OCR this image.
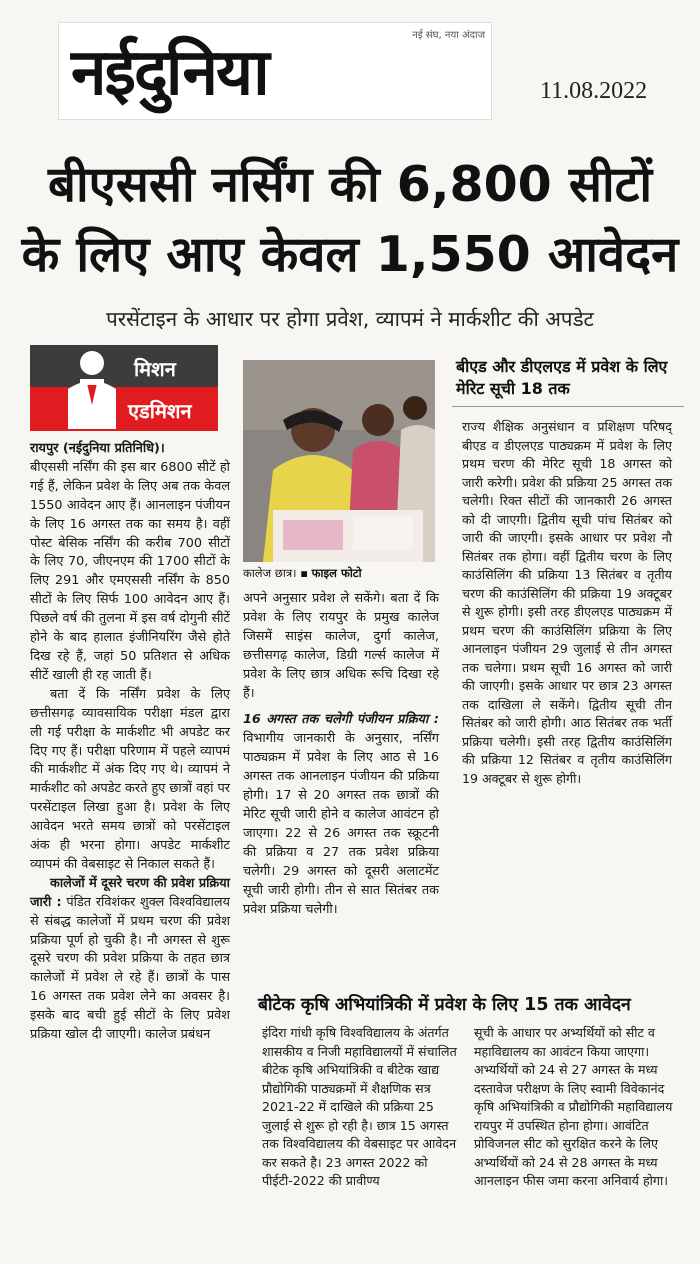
नई संघ, नया अंदाज
नईदुनिया	11.08.2022
बीएससी नर्सिंग की 6,800 सीटों
के लिए आए केवल 1,550 आवेदन
परसेंटाइन के आधार पर होगा प्रवेश, व्यापमं ने मार्कशीट की अपडेट
मिशन
एडमिशन

रायपुर (नईदुनिया प्रतिनिधि)।

बीएससी नर्सिंग की इस बार 6800 सीटें हो गई हैं, लेकिन प्रवेश के लिए अब तक केवल 1550 आवेदन आए हैं। आनलाइन पंजीयन के लिए 16 अगस्त तक का समय है। वहीं पोस्ट बेसिक नर्सिंग की करीब 700 सीटों के लिए 70, जीएनएम की 1700 सीटों के लिए 291 और एमएससी नर्सिंग के 850 सीटों के लिए सिर्फ 100 आवेदन आए हैं। पिछले वर्ष की तुलना में इस वर्ष दोगुनी सीटें होने के बाद हालात इंजीनियरिंग जैसे होते दिख रहे हैं, जहां 50 प्रतिशत से अधिक सीटें खाली ही रह जाती हैं।

बता दें कि नर्सिंग प्रवेश के लिए छत्तीसगढ़ व्यावसायिक परीक्षा मंडल द्वारा ली गई परीक्षा के मार्कशीट भी अपडेट कर दिए गए हैं। परीक्षा परिणाम में पहले व्यापमं की मार्कशीट में अंक दिए गए थे। व्यापमं ने मार्कशीट को अपडेट करते हुए छात्रों वहां पर परसेंटाइल लिखा हुआ है। प्रवेश के लिए आवेदन भरते समय छात्रों को परसेंटाइल अंक ही भरना होगा। अपडेट मार्कशीट व्यापमं की वेबसाइट से निकाल सकते हैं।

कालेजों में दूसरे चरण की प्रवेश प्रक्रिया जारी : पंडित रविशंकर शुक्ल विश्वविद्यालय से संबद्ध कालेजों में प्रथम चरण की प्रवेश प्रक्रिया पूर्ण हो चुकी है। नौ अगस्त से शुरू दूसरे चरण की प्रवेश प्रक्रिया के तहत छात्र कालेजों में प्रवेश ले रहे हैं। छात्रों के पास 16 अगस्त तक प्रवेश लेने का अवसर है। इसके बाद बची हुई सीटों के लिए प्रवेश प्रक्रिया खोल दी जाएगी। कालेज प्रबंधन

कालेज छात्र। ▪ फाइल फोटो

अपने अनुसार प्रवेश ले सकेंगे। बता दें कि प्रवेश के लिए रायपुर के प्रमुख कालेज जिसमें साइंस कालेज, दुर्गा कालेज, छत्तीसगढ़ कालेज, डिग्री गर्ल्स कालेज में प्रवेश के लिए छात्र अधिक रूचि दिखा रहे हैं।

16 अगस्त तक चलेगी पंजीयन प्रक्रिया : विभागीय जानकारी के अनुसार, नर्सिंग पाठ्यक्रम में प्रवेश के लिए आठ से 16 अगस्त तक आनलाइन पंजीयन की प्रक्रिया होगी। 17 से 20 अगस्त तक छात्रों की मेरिट सूची जारी होने व कालेज आवंटन हो जाएगा। 22 से 26 अगस्त तक स्क्रूटनी की प्रक्रिया व 27 तक प्रवेश प्रक्रिया चलेगी। 29 अगस्त को दूसरी अलाटमेंट सूची जारी होगी। तीन से सात सितंबर तक प्रवेश प्रक्रिया चलेगी।

बीएड और डीएलएड में प्रवेश के लिए मेरिट सूची 18 तक
राज्य शैक्षिक अनुसंधान व प्रशिक्षण परिषद् बीएड व डीएलएड पाठ्यक्रम में प्रवेश के लिए प्रथम चरण की मेरिट सूची 18 अगस्त को जारी करेगी। प्रवेश की प्रक्रिया 25 अगस्त तक चलेगी। रिक्त सीटों की जानकारी 26 अगस्त को दी जाएगी। द्वितीय सूची पांच सितंबर को जारी की जाएगी। इसके आधार पर प्रवेश नौ सितंबर तक होगा। वहीं द्वितीय चरण के लिए काउंसिलिंग की प्रक्रिया 13 सितंबर व तृतीय चरण की काउंसिलिंग की प्रक्रिया 19 अक्टूबर से शुरू होगी। इसी तरह डीएलएड पाठ्यक्रम में प्रथम चरण की काउंसिलिंग प्रक्रिया के लिए आनलाइन पंजीयन 29 जुलाई से तीन अगस्त तक चलेगा। प्रथम सूची 16 अगस्त को जारी की जाएगी। इसके आधार पर छात्र 23 अगस्त तक दाखिला ले सकेंगे। द्वितीय सूची तीन सितंबर को जारी होगी। आठ सितंबर तक भर्ती प्रक्रिया चलेगी। इसी तरह द्वितीय काउंसिलिंग की प्रक्रिया 12 सितंबर व तृतीय काउंसिलिंग 19 अक्टूबर से शुरू होगी।
बीटेक कृषि अभियांत्रिकी में प्रवेश के लिए 15 तक आवेदन
इंदिरा गांधी कृषि विश्वविद्यालय के अंतर्गत शासकीय व निजी महाविद्यालयों में संचालित बीटेक कृषि अभियांत्रिकी व बीटेक खाद्य प्रौद्योगिकी पाठ्यक्रमों में शैक्षणिक सत्र 2021-22 में दाखिले की प्रक्रिया 25 जुलाई से शुरू हो रही है। छात्र 15 अगस्त तक विश्वविद्यालय की वेबसाइट पर आवेदन कर सकते है। 23 अगस्त 2022 को पीईटी-2022 की प्रावीण्य
सूची के आधार पर अभ्यर्थियों को सीट व महाविद्यालय का आवंटन किया जाएगा। अभ्यर्थियों को 24 से 27 अगस्त के मध्य दस्तावेज परीक्षण के लिए स्वामी विवेकानंद कृषि अभियांत्रिकी व प्रौद्योगिकी महाविद्यालय रायपुर में उपस्थित होना होगा। आवंटित प्रोविजनल सीट को सुरक्षित करने के लिए अभ्यर्थियों को 24 से 28 अगस्त के मध्य आनलाइन फीस जमा करना अनिवार्य होगा।
